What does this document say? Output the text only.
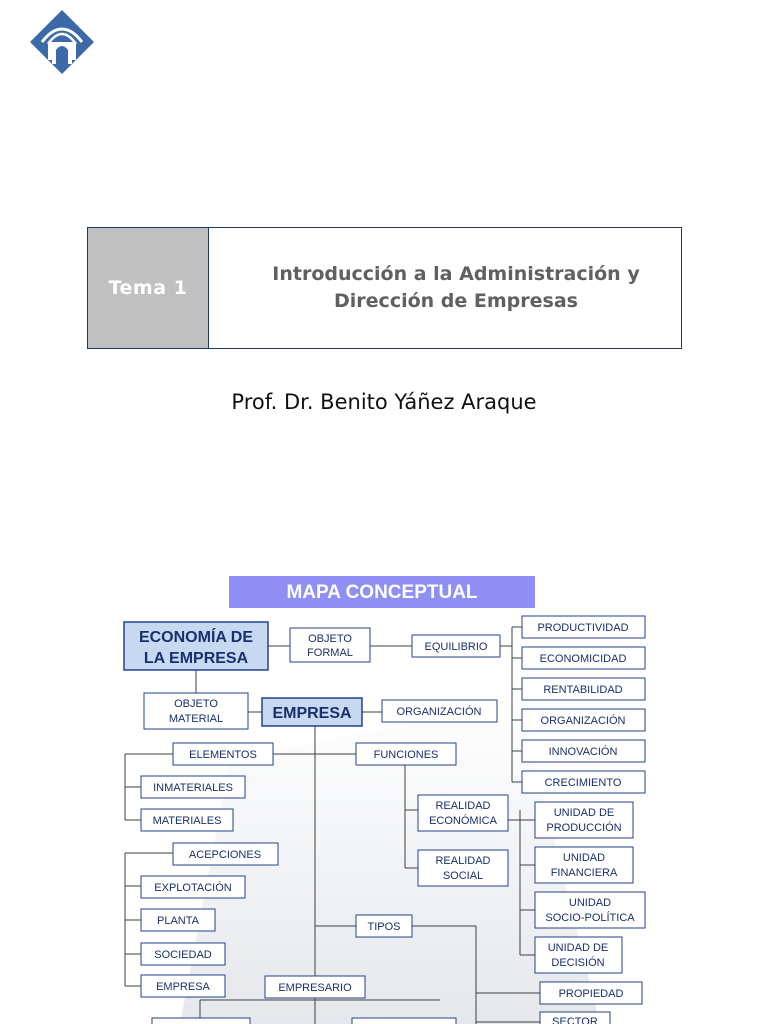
Tema 1
Introducción a la Administración y
Dirección de Empresas
Prof. Dr. Benito Yáñez Araque
MAPA CONCEPTUAL
ECONOMÍA DE
LA EMPRESA
OBJETO
FORMAL	EQUILIBRIO
PRODUCTIVIDAD
ECONOMICIDAD
RENTABILIDAD
ORGANIZACIÓN
INNOVACIÓN
CRECIMIENTO
OBJETO
MATERIAL	EMPRESA	ORGANIZACIÓN
ELEMENTOS	FUNCIONES
INMATERIALES
MATERIALES
REALIDAD
ECONÓMICA
REALIDAD
SOCIAL
UNIDAD DE
PRODUCCIÓN
UNIDAD
FINANCIERA
UNIDAD
SOCIO-POLÍTICA
UNIDAD DE
DECISIÓN
ACEPCIONES
EXPLOTACIÓN
PLANTA
SOCIEDAD
EMPRESA
TIPOS
EMPRESARIO	PROPIEDAD
SECTOR
